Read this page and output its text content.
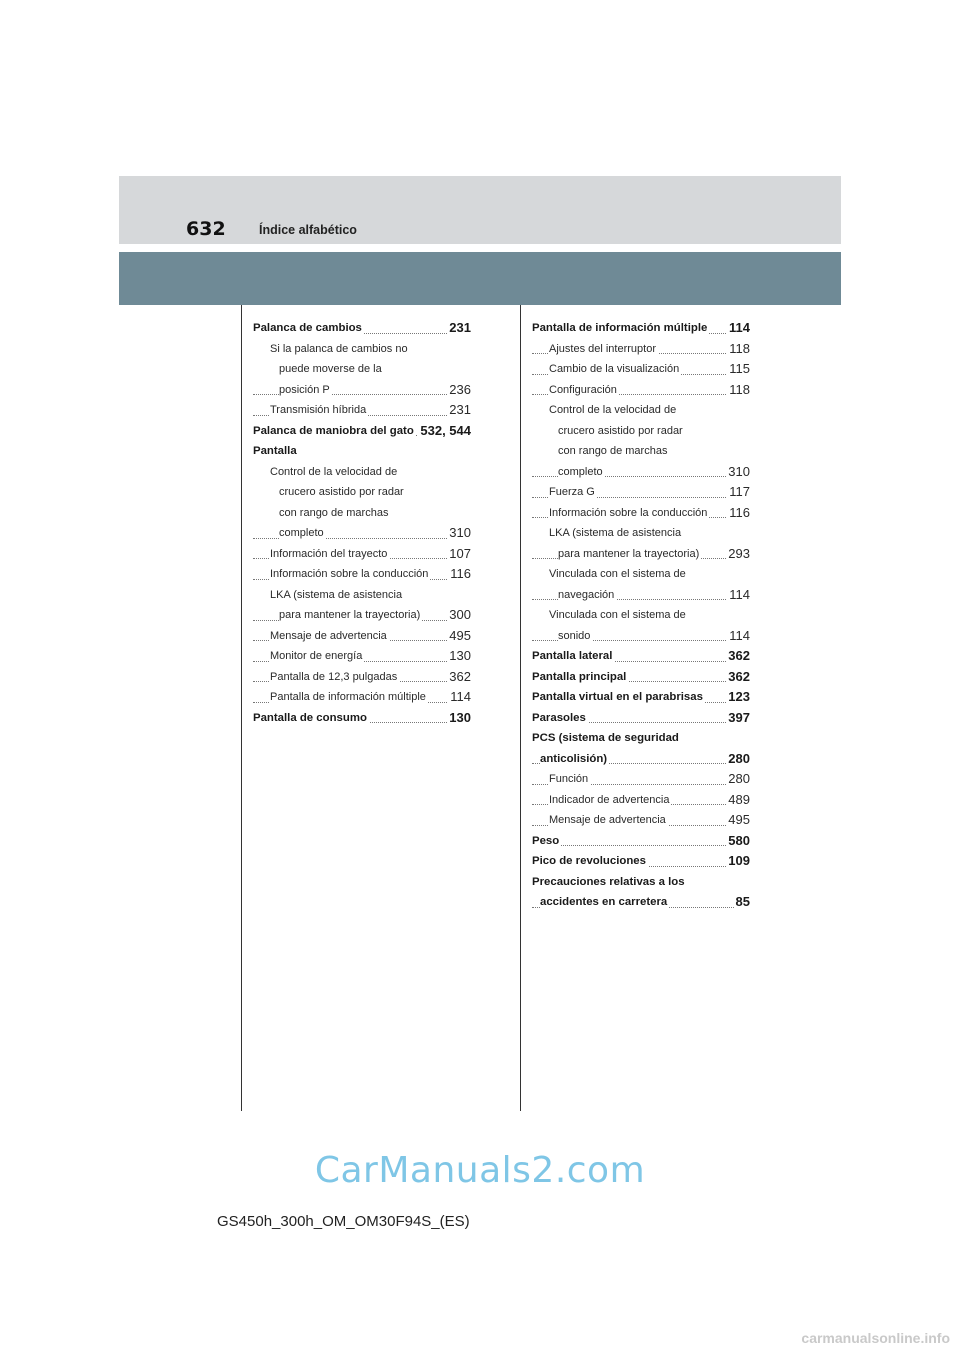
632	Índice alfabético
Palanca de cambios	231
Si la palanca de cambios no
puede moverse de la
posición P	236
Transmisión híbrida	231
Palanca de maniobra del gato 532, 544
Pantalla
Control de la velocidad de
crucero asistido por radar
con rango de marchas
completo	310
Información del trayecto	107
Información sobre la conducción 116
LKA (sistema de asistencia
para mantener la trayectoria) 300
Mensaje de advertencia	495
Monitor de energía	130
Pantalla de 12,3 pulgadas	362
Pantalla de información múltiple 114
Pantalla de consumo	130
Pantalla de información múltiple 114
Ajustes del interruptor	118
Cambio de la visualización	115
Configuración	118
Control de la velocidad de
crucero asistido por radar
con rango de marchas
completo	310
Fuerza G	117
Información sobre la conducción 116
LKA (sistema de asistencia
para mantener la trayectoria) 293
Vinculada con el sistema de
navegación	114
Vinculada con el sistema de
sonido	114
Pantalla lateral	362
Pantalla principal	362
Pantalla virtual en el parabrisas 123
Parasoles	397
PCS (sistema de seguridad
anticolisión)	280
Función	280
Indicador de advertencia	489
Mensaje de advertencia	495
Peso	580
Pico de revoluciones	109
Precauciones relativas a los
accidentes en carretera	85
CarManuals2.com
GS450h_300h_OM_OM30F94S_(ES)
carmanualsonline.info
